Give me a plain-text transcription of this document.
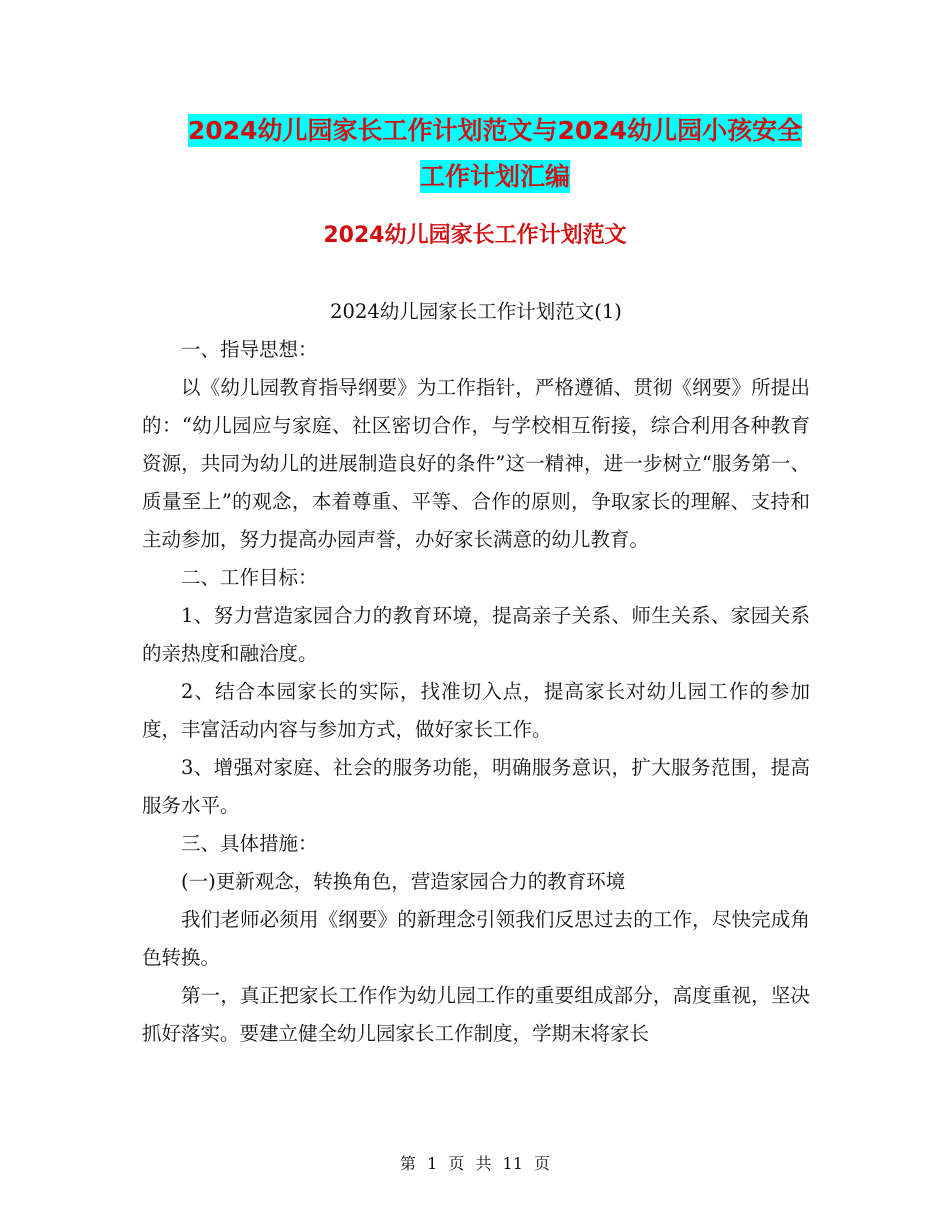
2024幼儿园家长工作计划范文与2024幼儿园小孩安全
工作计划汇编
2024幼儿园家长工作计划范文

2024幼儿园家长工作计划范文(1)

一、指导思想：

以《幼儿园教育指导纲要》为工作指针，严格遵循、贯彻《纲要》所提出的：“幼儿园应与家庭、社区密切合作，与学校相互衔接，综合利用各种教育资源，共同为幼儿的进展制造良好的条件”这一精神，进一步树立“服务第一、质量至上”的观念，本着尊重、平等、合作的原则，争取家长的理解、支持和主动参加，努力提高办园声誉，办好家长满意的幼儿教育。

二、工作目标：

1、努力营造家园合力的教育环境，提高亲子关系、师生关系、家园关系的亲热度和融洽度。

2、结合本园家长的实际，找准切入点，提高家长对幼儿园工作的参加度，丰富活动内容与参加方式，做好家长工作。

3、增强对家庭、社会的服务功能，明确服务意识，扩大服务范围，提高服务水平。

三、具体措施：

(一)更新观念，转换角色，营造家园合力的教育环境

我们老师必须用《纲要》的新理念引领我们反思过去的工作，尽快完成角色转换。

第一，真正把家长工作作为幼儿园工作的重要组成部分，高度重视，坚决抓好落实。要建立健全幼儿园家长工作制度，学期末将家长

第 1 页 共 11 页
